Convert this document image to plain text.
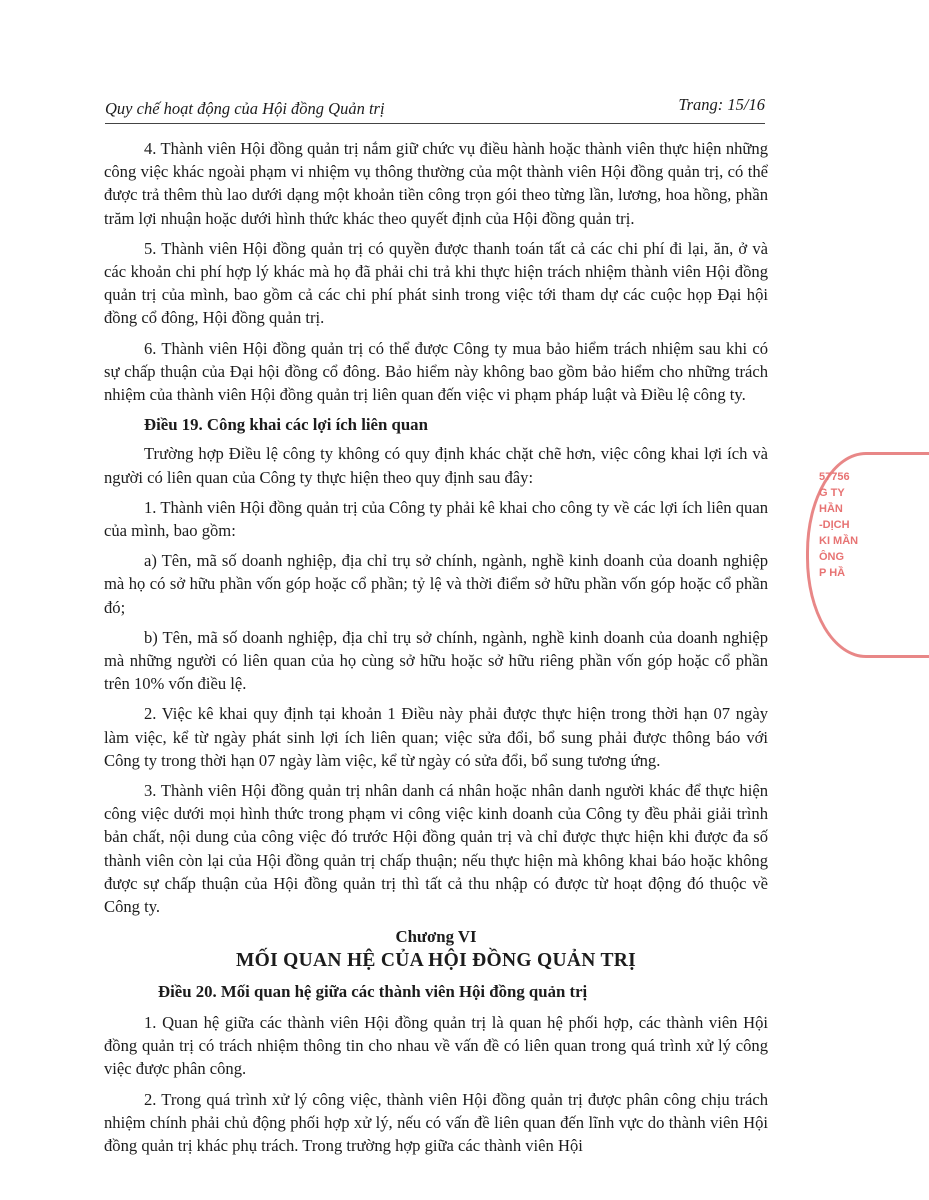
Quy chế hoạt động của Hội đồng Quản trị	Trang: 15/16

4. Thành viên Hội đồng quản trị nắm giữ chức vụ điều hành hoặc thành viên thực hiện những công việc khác ngoài phạm vi nhiệm vụ thông thường của một thành viên Hội đồng quản trị, có thể được trả thêm thù lao dưới dạng một khoản tiền công trọn gói theo từng lần, lương, hoa hồng, phần trăm lợi nhuận hoặc dưới hình thức khác theo quyết định của Hội đồng quản trị.

5. Thành viên Hội đồng quản trị có quyền được thanh toán tất cả các chi phí đi lại, ăn, ở và các khoản chi phí hợp lý khác mà họ đã phải chi trả khi thực hiện trách nhiệm thành viên Hội đồng quản trị của mình, bao gồm cả các chi phí phát sinh trong việc tới tham dự các cuộc họp Đại hội đồng cổ đông, Hội đồng quản trị.

6. Thành viên Hội đồng quản trị có thể được Công ty mua bảo hiểm trách nhiệm sau khi có sự chấp thuận của Đại hội đồng cổ đông. Bảo hiểm này không bao gồm bảo hiểm cho những trách nhiệm của thành viên Hội đồng quản trị liên quan đến việc vi phạm pháp luật và Điều lệ công ty.

Điều 19. Công khai các lợi ích liên quan

Trường hợp Điều lệ công ty không có quy định khác chặt chẽ hơn, việc công khai lợi ích và người có liên quan của Công ty thực hiện theo quy định sau đây:

1. Thành viên Hội đồng quản trị của Công ty phải kê khai cho công ty về các lợi ích liên quan của mình, bao gồm:

a) Tên, mã số doanh nghiệp, địa chỉ trụ sở chính, ngành, nghề kinh doanh của doanh nghiệp mà họ có sở hữu phần vốn góp hoặc cổ phần; tỷ lệ và thời điểm sở hữu phần vốn góp hoặc cổ phần đó;

b) Tên, mã số doanh nghiệp, địa chỉ trụ sở chính, ngành, nghề kinh doanh của doanh nghiệp mà những người có liên quan của họ cùng sở hữu hoặc sở hữu riêng phần vốn góp hoặc cổ phần trên 10% vốn điều lệ.

2. Việc kê khai quy định tại khoản 1 Điều này phải được thực hiện trong thời hạn 07 ngày làm việc, kể từ ngày phát sinh lợi ích liên quan; việc sửa đổi, bổ sung phải được thông báo với Công ty trong thời hạn 07 ngày làm việc, kể từ ngày có sửa đổi, bổ sung tương ứng.

3. Thành viên Hội đồng quản trị nhân danh cá nhân hoặc nhân danh người khác để thực hiện công việc dưới mọi hình thức trong phạm vi công việc kinh doanh của Công ty đều phải giải trình bản chất, nội dung của công việc đó trước Hội đồng quản trị và chỉ được thực hiện khi được đa số thành viên còn lại của Hội đồng quản trị chấp thuận; nếu thực hiện mà không khai báo hoặc không được sự chấp thuận của Hội đồng quản trị thì tất cả thu nhập có được từ hoạt động đó thuộc về Công ty.

Chương VI

MỐI QUAN HỆ CỦA HỘI ĐỒNG QUẢN TRỊ

Điều 20. Mối quan hệ giữa các thành viên Hội đồng quản trị

1. Quan hệ giữa các thành viên Hội đồng quản trị là quan hệ phối hợp, các thành viên Hội đồng quản trị có trách nhiệm thông tin cho nhau về vấn đề có liên quan trong quá trình xử lý công việc được phân công.

2. Trong quá trình xử lý công việc, thành viên Hội đồng quản trị được phân công chịu trách nhiệm chính phải chủ động phối hợp xử lý, nếu có vấn đề liên quan đến lĩnh vực do thành viên Hội đồng quản trị khác phụ trách. Trong trường hợp giữa các thành viên Hội

57756
G TY
HẦN
-DỊCH
KI MẦN
ÔNG
P HẦ
